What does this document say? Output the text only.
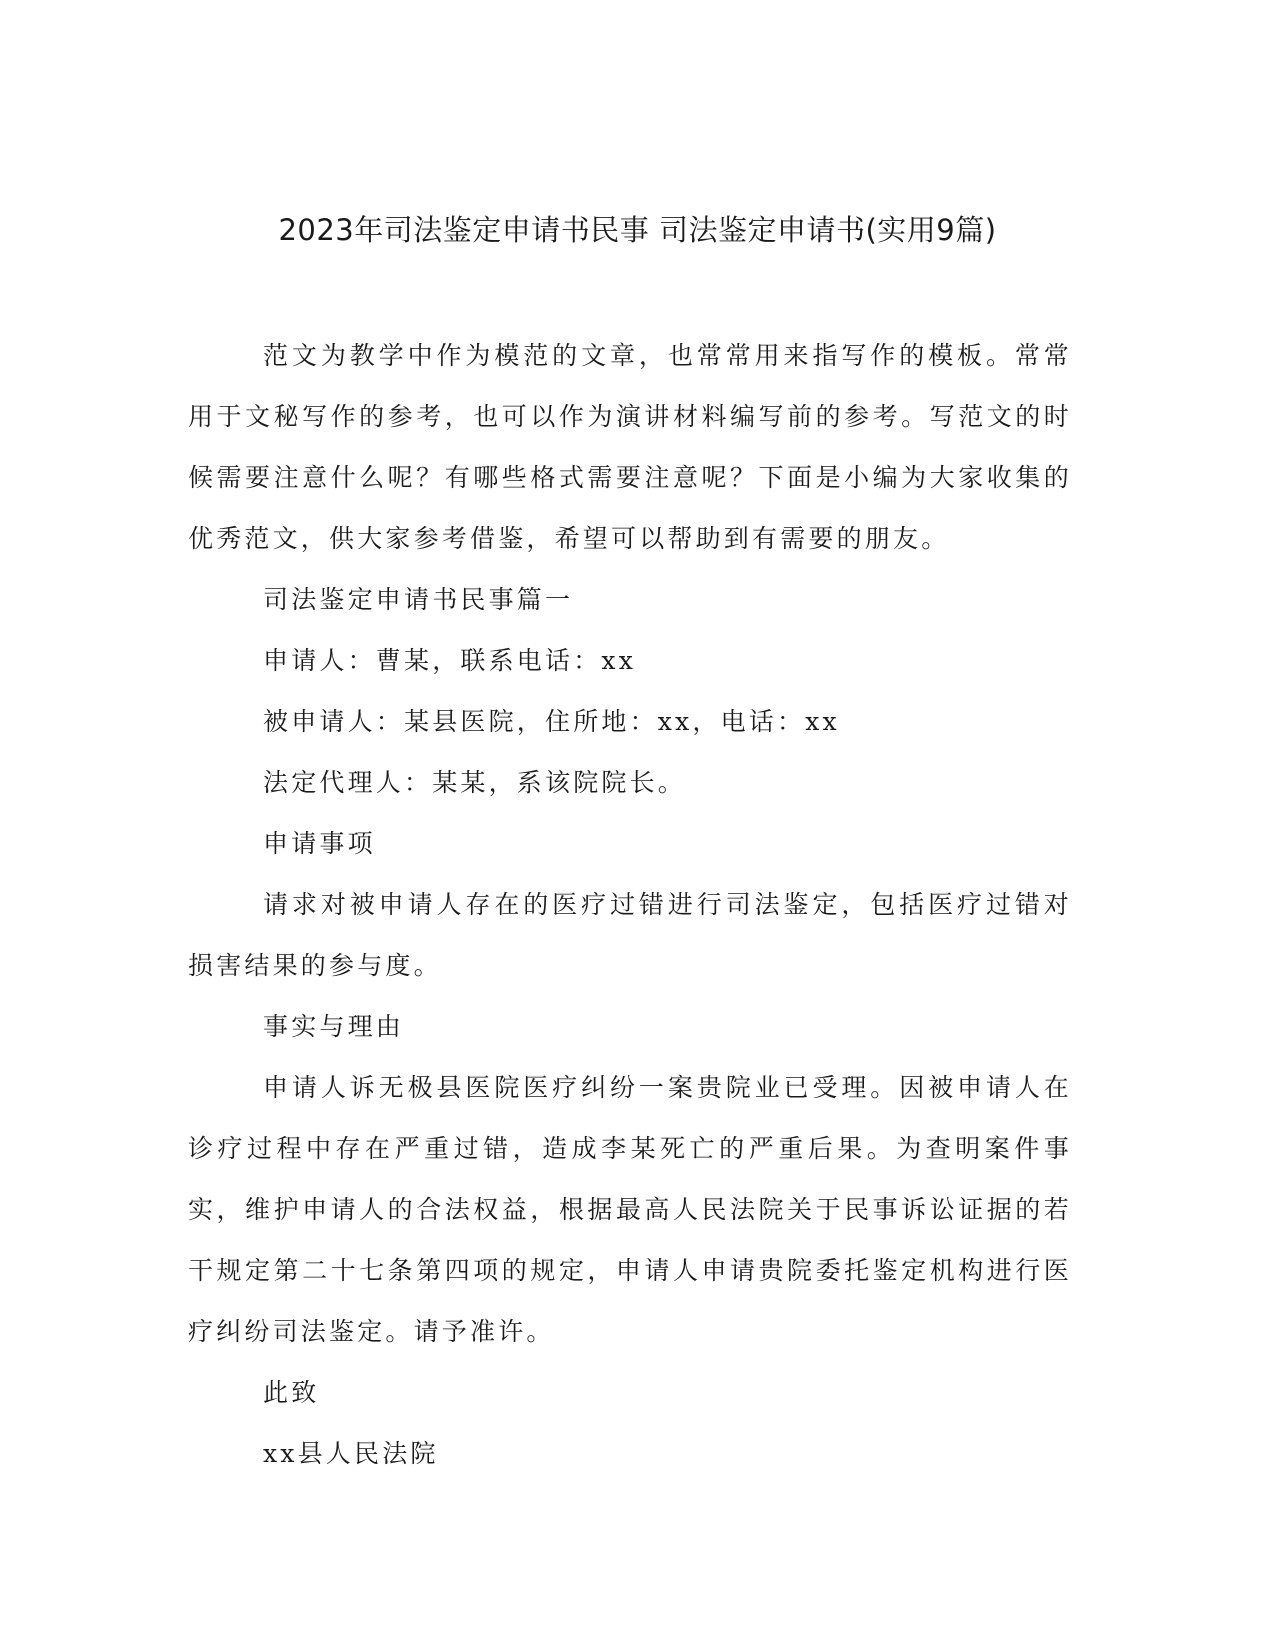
2023年司法鉴定申请书民事 司法鉴定申请书(实用9篇)

范文为教学中作为模范的文章，也常常用来指写作的模板。常常用于文秘写作的参考，也可以作为演讲材料编写前的参考。写范文的时候需要注意什么呢？有哪些格式需要注意呢？下面是小编为大家收集的优秀范文，供大家参考借鉴，希望可以帮助到有需要的朋友。

司法鉴定申请书民事篇一

申请人：曹某，联系电话：xx

被申请人：某县医院，住所地：xx，电话：xx

法定代理人：某某，系该院院长。

申请事项

请求对被申请人存在的医疗过错进行司法鉴定，包括医疗过错对损害结果的参与度。

事实与理由

申请人诉无极县医院医疗纠纷一案贵院业已受理。因被申请人在诊疗过程中存在严重过错，造成李某死亡的严重后果。为查明案件事实，维护申请人的合法权益，根据最高人民法院关于民事诉讼证据的若干规定第二十七条第四项的规定，申请人申请贵院委托鉴定机构进行医疗纠纷司法鉴定。请予准许。

此致

xx县人民法院
